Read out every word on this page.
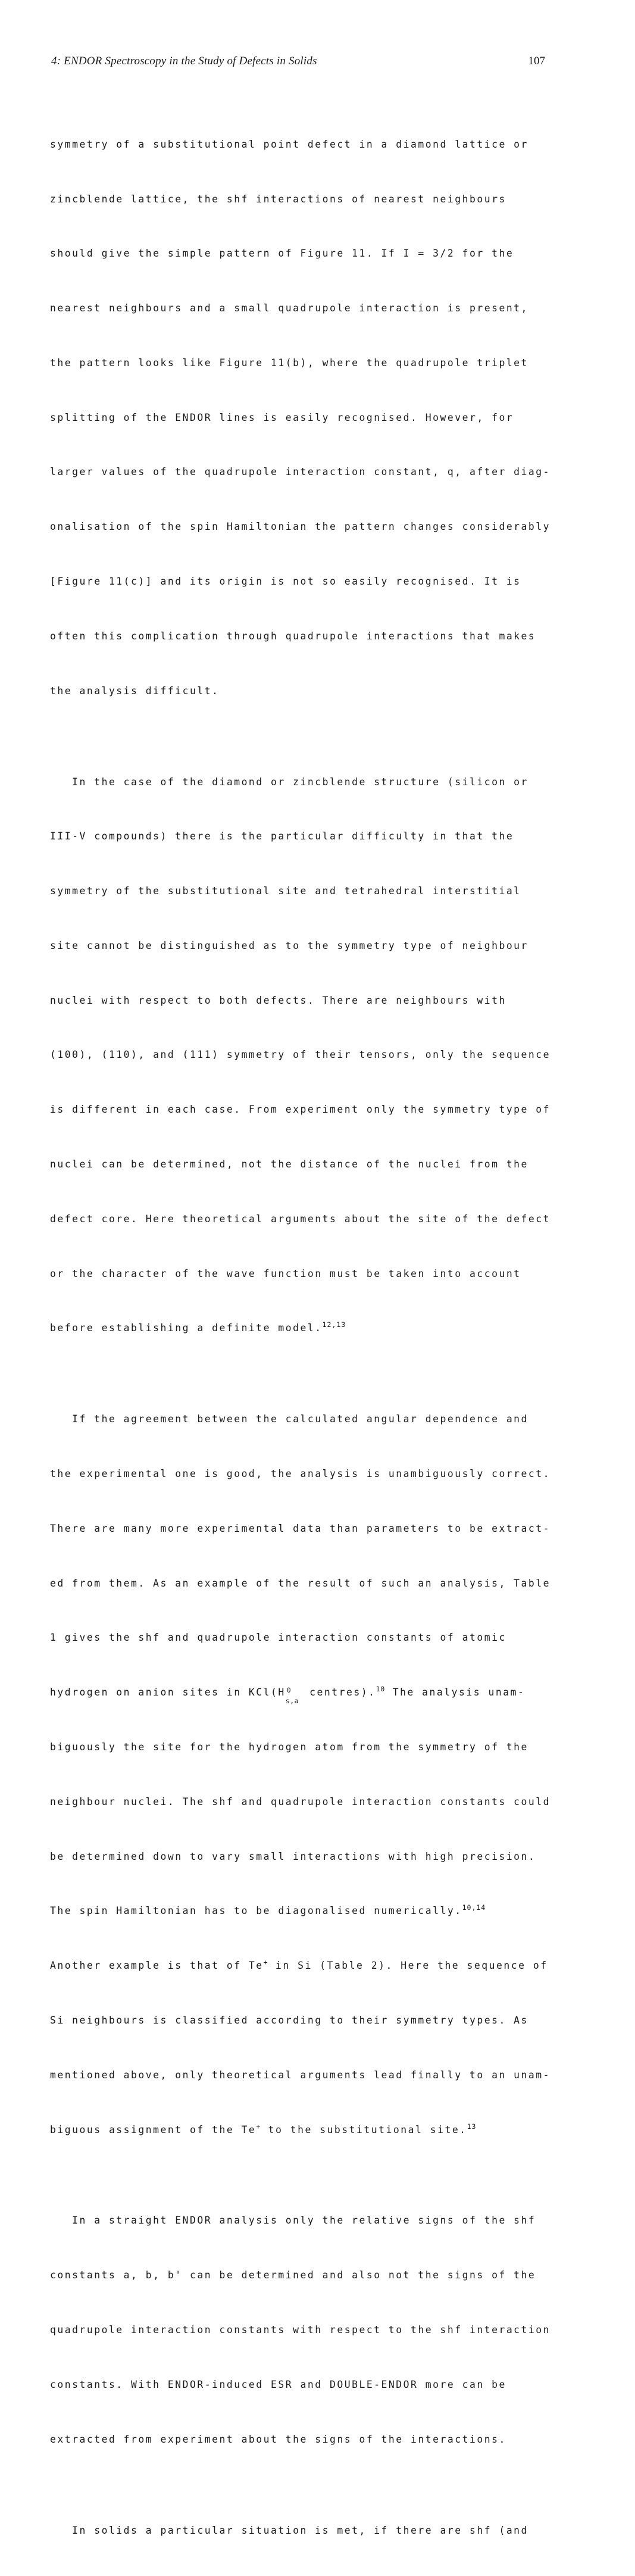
4: ENDOR Spectroscopy in the Study of Defects in Solids	107

symmetry of a substitutional point defect in a diamond lattice or

zincblende lattice, the shf interactions of nearest neighbours

should give the simple pattern of Figure 11. If I = 3/2 for the

nearest neighbours and a small quadrupole interaction is present,

the pattern looks like Figure 11(b), where the quadrupole triplet

splitting of the ENDOR lines is easily recognised. However, for

larger values of the quadrupole interaction constant, q, after diag-

onalisation of the spin Hamiltonian the pattern changes considerably

[Figure 11(c)] and its origin is not so easily recognised. It is

often this complication through quadrupole interactions that makes

the analysis difficult.

In the case of the diamond or zincblende structure (silicon or

III-V compounds) there is the particular difficulty in that the

symmetry of the substitutional site and tetrahedral interstitial

site cannot be distinguished as to the symmetry type of neighbour

nuclei with respect to both defects. There are neighbours with

(100), (110), and (111) symmetry of their tensors, only the sequence

is different in each case. From experiment only the symmetry type of

nuclei can be determined, not the distance of the nuclei from the

defect core. Here theoretical arguments about the site of the defect

or the character of the wave function must be taken into account

before establishing a definite model.$^{12,13}$

If the agreement between the calculated angular dependence and

the experimental one is good, the analysis is unambiguously correct.

There are many more experimental data than parameters to be extract-

ed from them. As an example of the result of such an analysis, Table

1 gives the shf and quadrupole interaction constants of atomic

hydrogen on anion sites in KCl(H 0
s,a
centres).$^{10}$ The analysis unam-

biguously the site for the hydrogen atom from the symmetry of the

neighbour nuclei. The shf and quadrupole interaction constants could

be determined down to vary small interactions with high precision.

The spin Hamiltonian has to be diagonalised numerically.$^{10,14}$

Another example is that of Te+ in Si (Table 2). Here the sequence of

Si neighbours is classified according to their symmetry types. As

mentioned above, only theoretical arguments lead finally to an unam-

biguous assignment of the Te+ to the substitutional site.$^{13}$

In a straight ENDOR analysis only the relative signs of the shf

constants a, b, b' can be determined and also not the signs of the

quadrupole interaction constants with respect to the shf interaction

constants. With ENDOR-induced ESR and DOUBLE-ENDOR more can be

extracted from experiment about the signs of the interactions.

In solids a particular situation is met, if there are shf (and
